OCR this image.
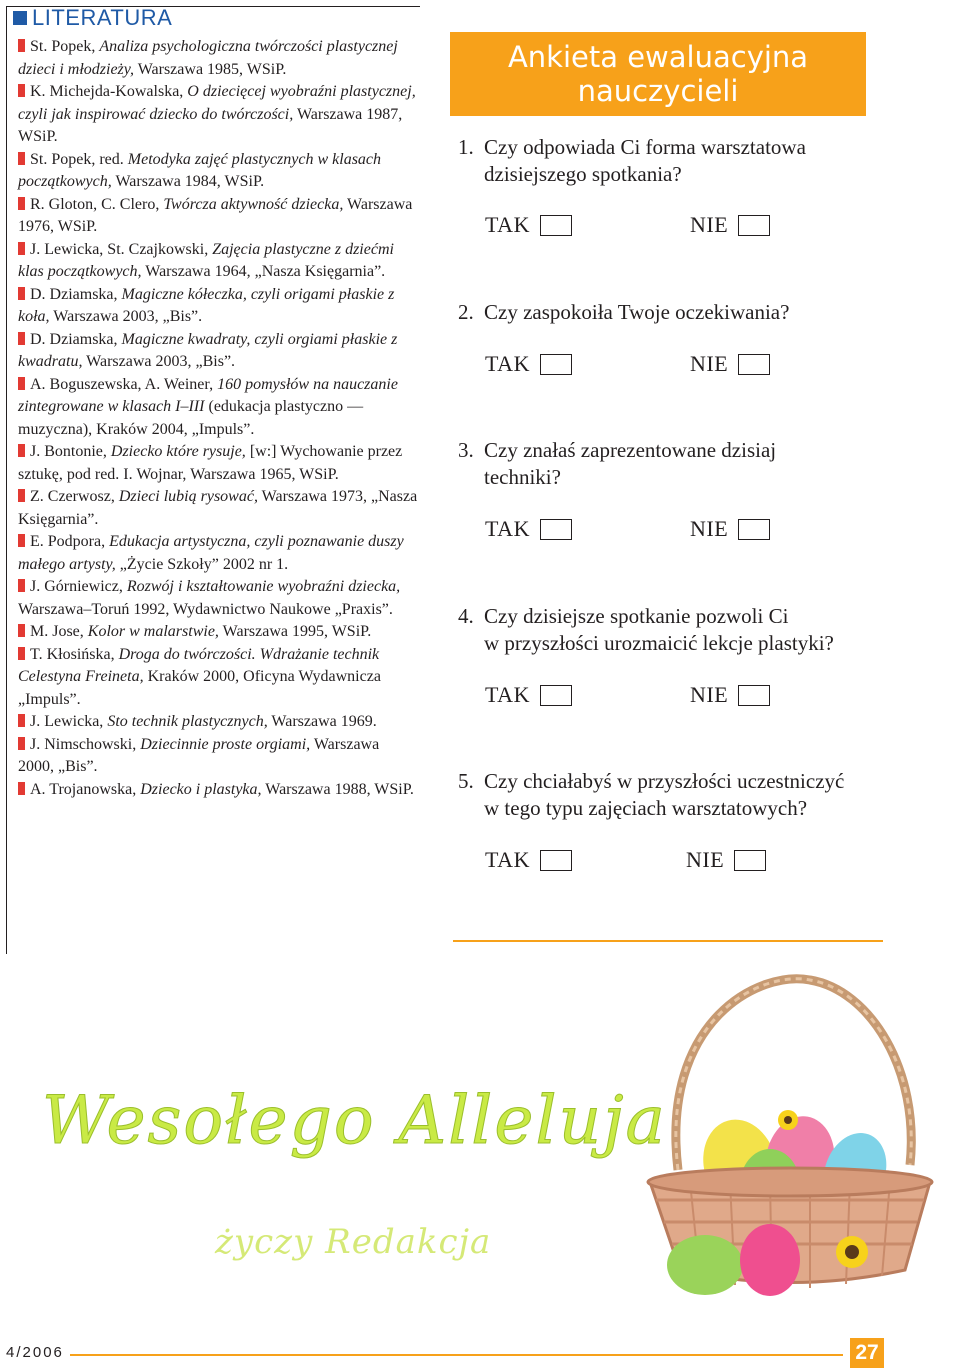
LITERATURA
St. Popek, Analiza psychologiczna twórczości plastycznej dzieci i młodzieży, Warszawa 1985, WSiP.
K. Michejda-Kowalska, O dziecięcej wyobraźni plastycznej, czyli jak inspirować dziecko do twórczości, Warszawa 1987, WSiP.
St. Popek, red. Metodyka zajęć plastycznych w klasach początkowych, Warszawa 1984, WSiP.
R. Gloton, C. Clero, Twórcza aktywność dziecka, Warszawa 1976, WSiP.
J. Lewicka, St. Czajkowski, Zajęcia plastyczne z dziećmi klas początkowych, Warszawa 1964, „Nasza Księgarnia”.
D. Dziamska, Magiczne kółeczka, czyli origami płaskie z koła, Warszawa 2003, „Bis”.
D. Dziamska, Magiczne kwadraty, czyli orgiami płaskie z kwadratu, Warszawa 2003, „Bis”.
A. Boguszewska, A. Weiner, 160 pomysłów na nauczanie zintegrowane w klasach I–III (edukacja plastyczno — muzyczna), Kraków 2004, „Impuls”.
J. Bontonie, Dziecko które rysuje, [w:] Wychowanie przez sztukę, pod red. I. Wojnar, Warszawa 1965, WSiP.
Z. Czerwosz, Dzieci lubią rysować, Warszawa 1973, „Nasza Księgarnia”.
E. Podpora, Edukacja artystyczna, czyli poznawanie duszy małego artysty, „Życie Szkoły” 2002 nr 1.
J. Górniewicz, Rozwój i kształtowanie wyobraźni dziecka, Warszawa–Toruń 1992, Wydawnictwo Naukowe „Praxis”.
M. Jose, Kolor w malarstwie, Warszawa 1995, WSiP.
T. Kłosińska, Droga do twórczości. Wdrażanie technik Celestyna Freineta, Kraków 2000, Oficyna Wydawnicza „Impuls”.
J. Lewicka, Sto technik plastycznych, Warszawa 1969.
J. Nimschowski, Dziecinnie proste orgiami, Warszawa 2000, „Bis”.
A. Trojanowska, Dziecko i plastyka, Warszawa 1988, WSiP.
Ankieta ewaluacyjna
nauczycieli
1. Czy odpowiada Ci forma warsztatowa
dzisiejszego spotkania?
TAK	NIE
2. Czy zaspokoiła Twoje oczekiwania?
TAK	NIE
3. Czy znałaś zaprezentowane dzisiaj
techniki?
TAK	NIE
4. Czy dzisiejsze spotkanie pozwoli Ci
w przyszłości urozmaicić lekcje plastyki?
TAK	NIE
5. Czy chciałabyś w przyszłości uczestniczyć
w tego typu zajęciach warsztatowych?
TAK	NIE
Wesołego Alleluja
życzy Redakcja
4/2006	27
